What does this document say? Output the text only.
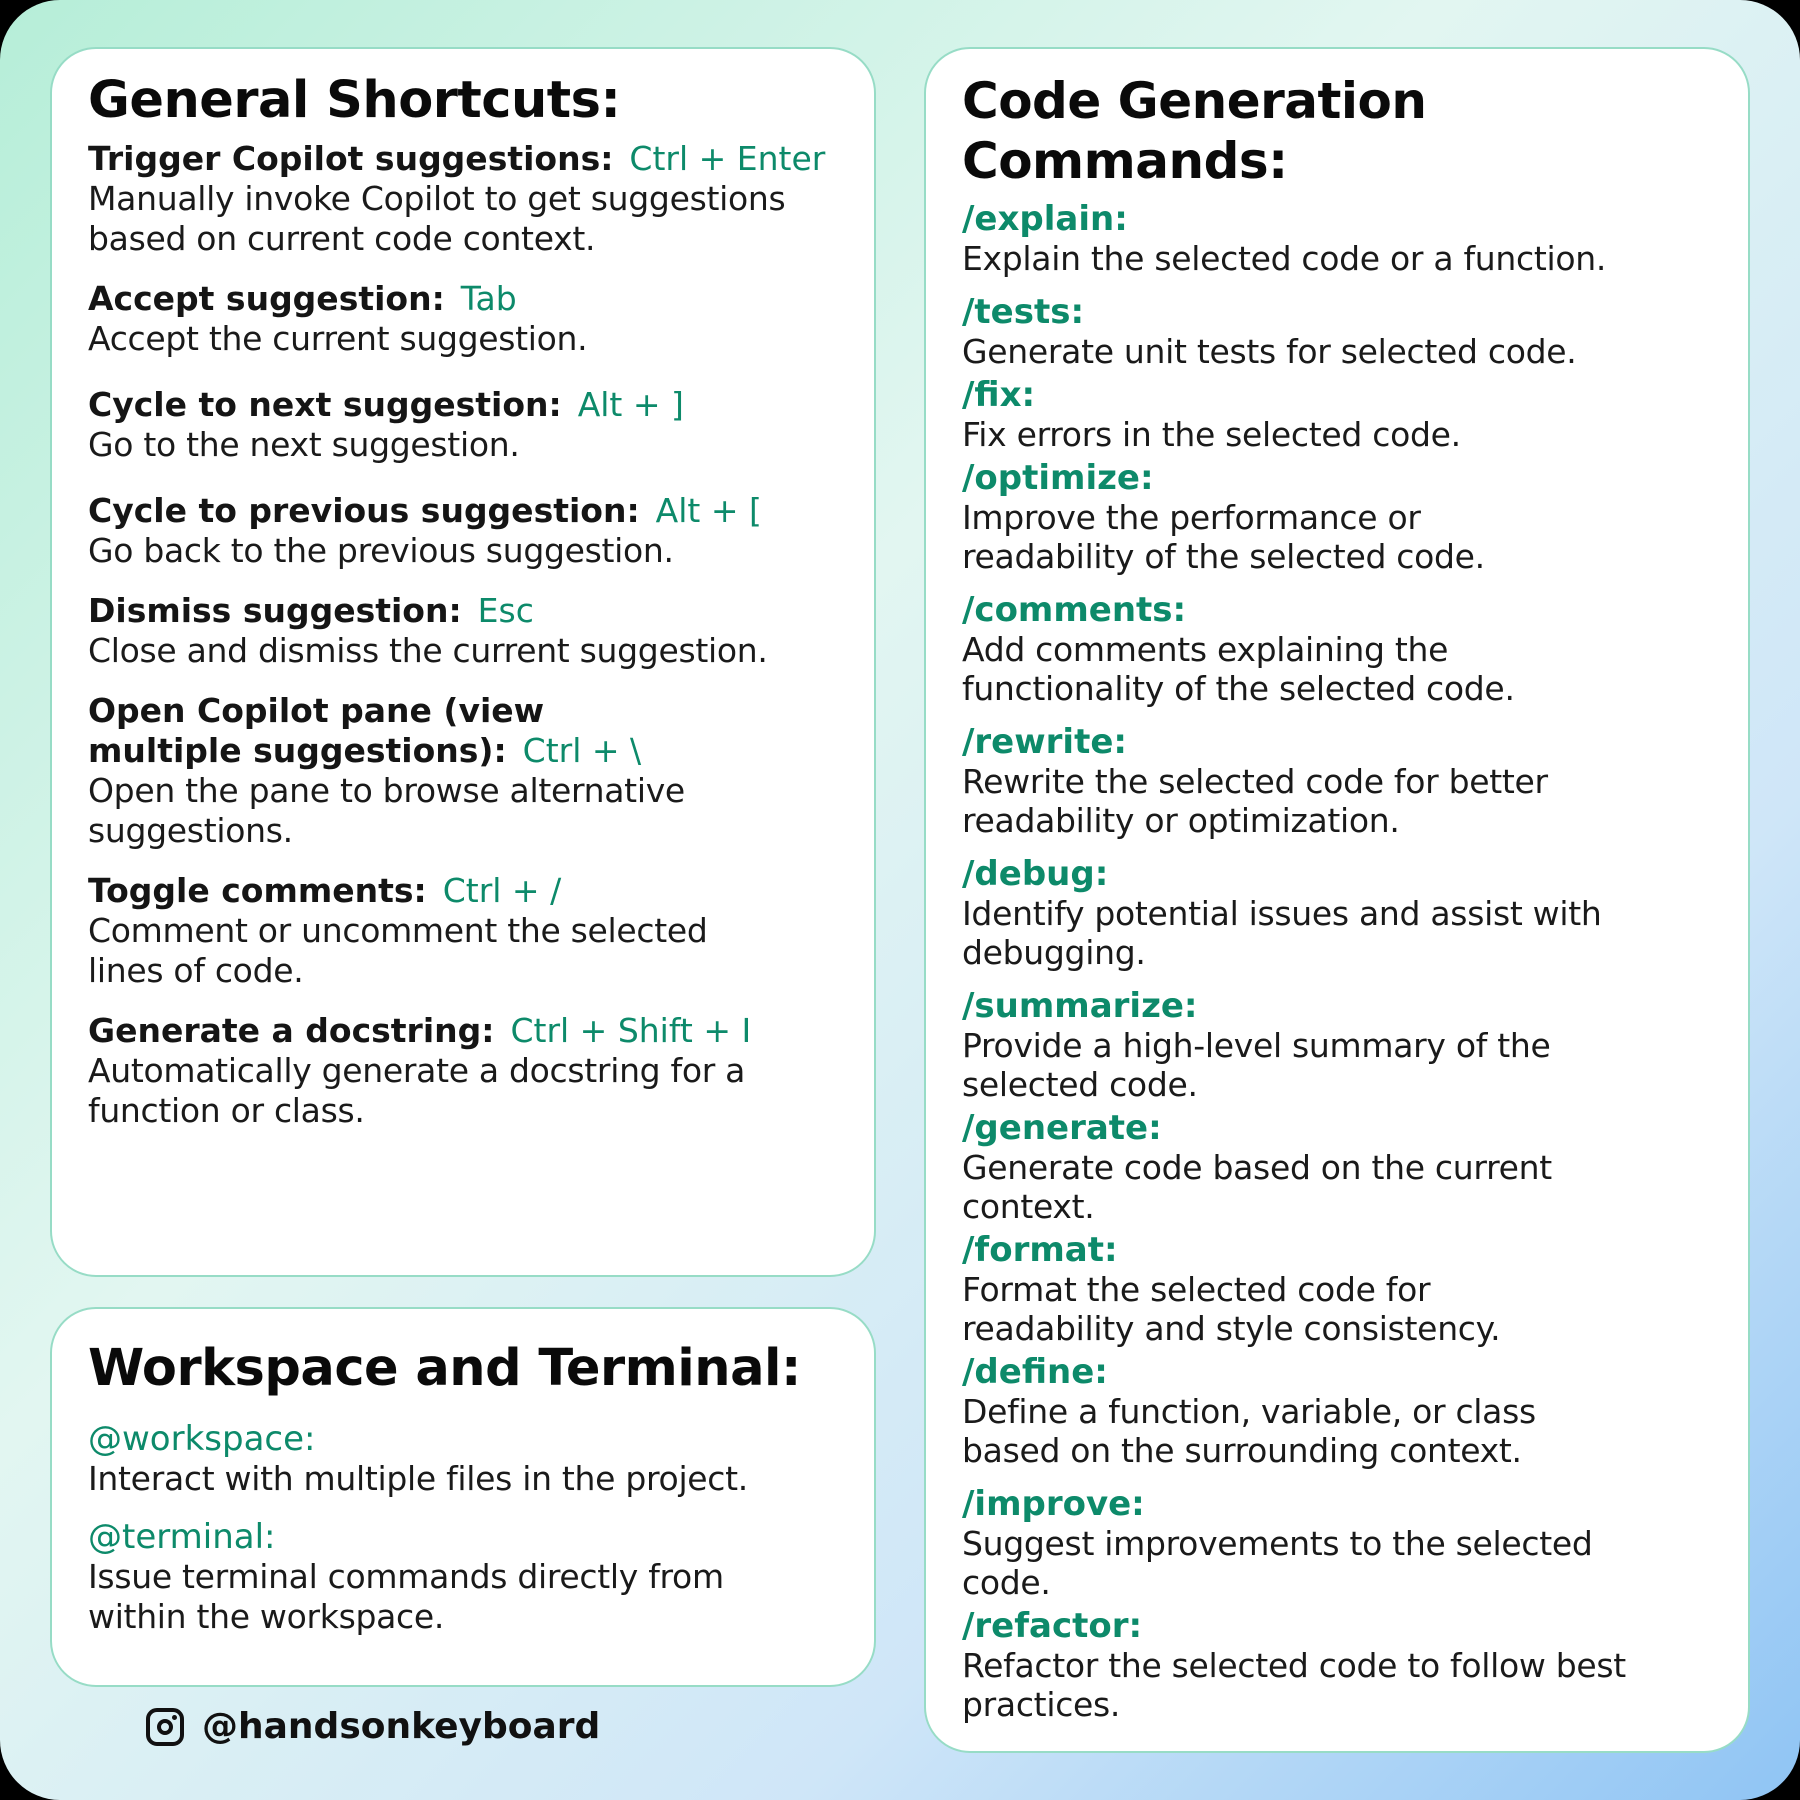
General Shortcuts:
Trigger Copilot suggestions: Ctrl + Enter
Manually invoke Copilot to get suggestions based on current code context.
Accept suggestion: Tab
Accept the current suggestion.
Cycle to next suggestion: Alt + ]
Go to the next suggestion.
Cycle to previous suggestion: Alt + [
Go back to the previous suggestion.
Dismiss suggestion: Esc
Close and dismiss the current suggestion.
Open Copilot pane (view multiple suggestions): Ctrl + \
Open the pane to browse alternative suggestions.
Toggle comments: Ctrl + /
Comment or uncomment the selected lines of code.
Generate a docstring: Ctrl + Shift + I
Automatically generate a docstring for a function or class.
Workspace and Terminal:
@workspace:
Interact with multiple files in the project.
@terminal:
Issue terminal commands directly from within the workspace.
Code Generation Commands:
/explain:
Explain the selected code or a function.
/tests:
Generate unit tests for selected code.
/fix:
Fix errors in the selected code.
/optimize:
Improve the performance or readability of the selected code.
/comments:
Add comments explaining the functionality of the selected code.
/rewrite:
Rewrite the selected code for better readability or optimization.
/debug:
Identify potential issues and assist with debugging.
/summarize:
Provide a high-level summary of the selected code.
/generate:
Generate code based on the current context.
/format:
Format the selected code for readability and style consistency.
/define:
Define a function, variable, or class based on the surrounding context.
/improve:
Suggest improvements to the selected code.
/refactor:
Refactor the selected code to follow best practices.
@handsonkeyboard
